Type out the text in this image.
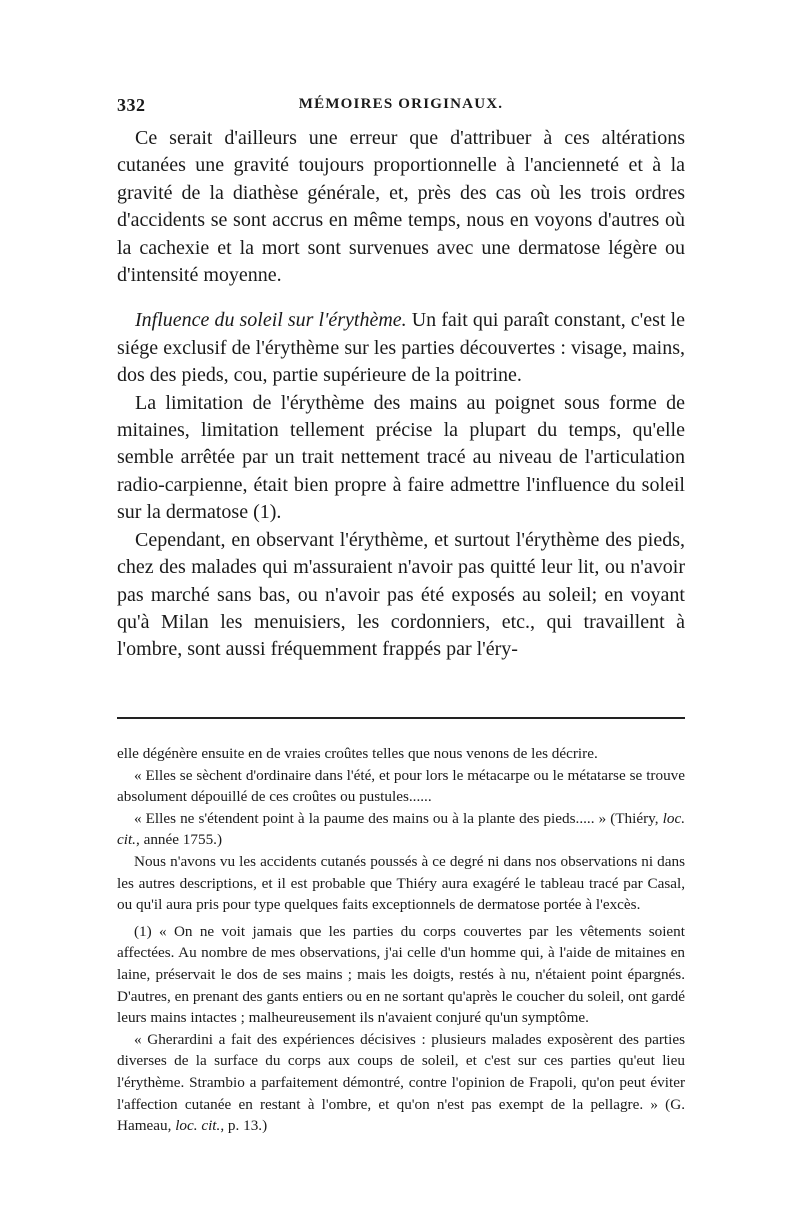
332	MÉMOIRES ORIGINAUX.

Ce serait d'ailleurs une erreur que d'attribuer à ces altérations cutanées une gravité toujours proportionnelle à l'ancienneté et à la gravité de la diathèse générale, et, près des cas où les trois ordres d'accidents se sont accrus en même temps, nous en voyons d'autres où la cachexie et la mort sont survenues avec une dermatose légère ou d'intensité moyenne.

Influence du soleil sur l'érythème. Un fait qui paraît constant, c'est le siége exclusif de l'érythème sur les parties découvertes : visage, mains, dos des pieds, cou, partie supérieure de la poitrine.

La limitation de l'érythème des mains au poignet sous forme de mitaines, limitation tellement précise la plupart du temps, qu'elle semble arrêtée par un trait nettement tracé au niveau de l'articulation radio-carpienne, était bien propre à faire admettre l'influence du soleil sur la dermatose (1).

Cependant, en observant l'érythème, et surtout l'érythème des pieds, chez des malades qui m'assuraient n'avoir pas quitté leur lit, ou n'avoir pas marché sans bas, ou n'avoir pas été exposés au soleil; en voyant qu'à Milan les menuisiers, les cordonniers, etc., qui travaillent à l'ombre, sont aussi fréquemment frappés par l'éry-

elle dégénère ensuite en de vraies croûtes telles que nous venons de les décrire.

« Elles se sèchent d'ordinaire dans l'été, et pour lors le métacarpe ou le métatarse se trouve absolument dépouillé de ces croûtes ou pustules......

« Elles ne s'étendent point à la paume des mains ou à la plante des pieds..... » (Thiéry, loc. cit., année 1755.)

Nous n'avons vu les accidents cutanés poussés à ce degré ni dans nos observations ni dans les autres descriptions, et il est probable que Thiéry aura exagéré le tableau tracé par Casal, ou qu'il aura pris pour type quelques faits exceptionnels de dermatose portée à l'excès.

(1) « On ne voit jamais que les parties du corps couvertes par les vêtements soient affectées. Au nombre de mes observations, j'ai celle d'un homme qui, à l'aide de mitaines en laine, préservait le dos de ses mains ; mais les doigts, restés à nu, n'étaient point épargnés. D'autres, en prenant des gants entiers ou en ne sortant qu'après le coucher du soleil, ont gardé leurs mains intactes ; malheureusement ils n'avaient conjuré qu'un symptôme.

« Gherardini a fait des expériences décisives : plusieurs malades exposèrent des parties diverses de la surface du corps aux coups de soleil, et c'est sur ces parties qu'eut lieu l'érythème. Strambio a parfaitement démontré, contre l'opinion de Frapoli, qu'on peut éviter l'affection cutanée en restant à l'ombre, et qu'on n'est pas exempt de la pellagre. » (G. Hameau, loc. cit., p. 13.)
